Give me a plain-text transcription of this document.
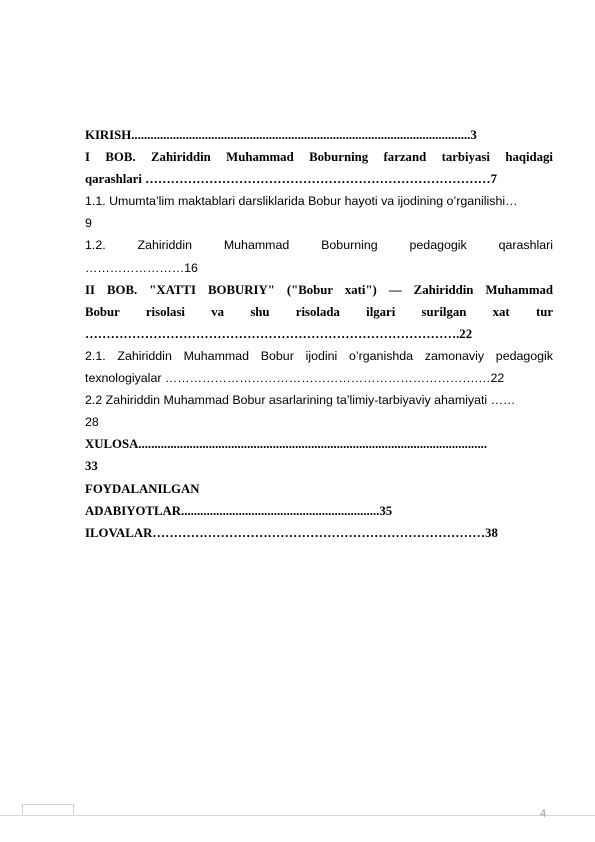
KIRISH..........................................................................................................3
I BOB. Zahiriddin Muhammad Boburning farzand tarbiyasi haqidagi
qarashlari ………………………………………………………………………7
1.1. Umumta’lim maktablari darsliklarida Bobur hayoti va ijodining o’rganilishi…
9
1.2. Zahiriddin Muhammad Boburning pedagogik qarashlari
……………………16
II BOB. "XATTI BOBURIY" ("Bobur xati") — Zahiriddin Muhammad
Bobur risolasi va shu risolada ilgari surilgan xat tur
…………………………………………………………………………….22
2.1. Zahiriddin Muhammad Bobur ijodini o’rganishda zamonaviy pedagogik
texnologiyalar ………………………………………………………………….…22
2.2 Zahiriddin Muhammad Bobur asarlarining ta’limiy-tarbiyaviy ahamiyati ……
28
XULOSA.............................................................................................................
33
FOYDALANILGAN
ADABIYOTLAR..............................................................35
ILOVALAR……………………………………………………………………38
4
